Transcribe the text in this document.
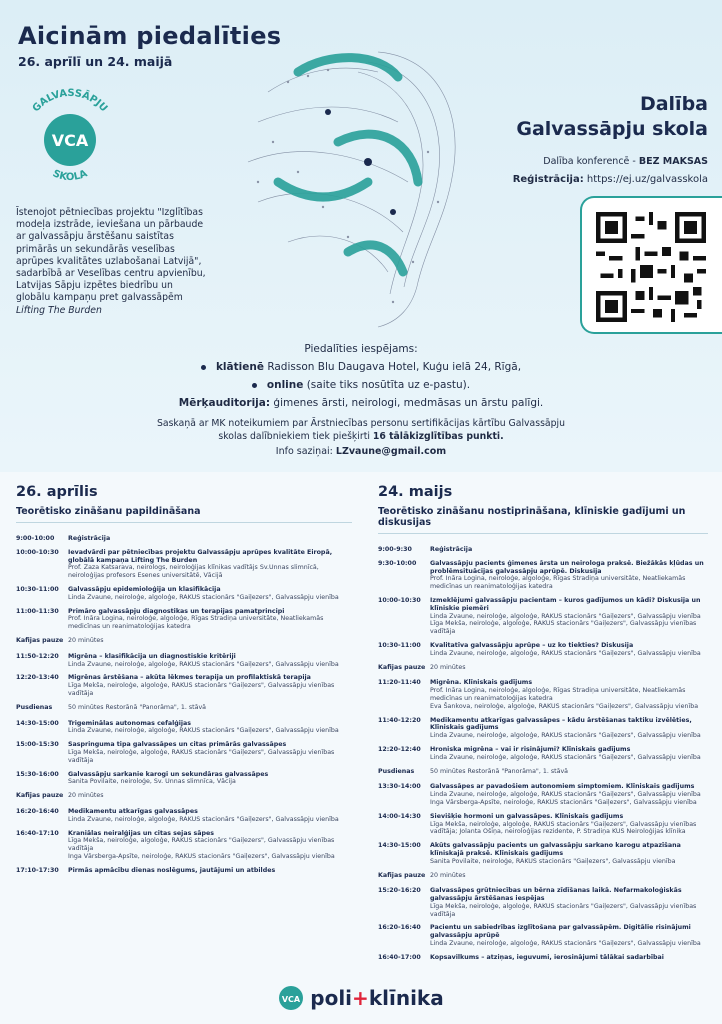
Aicinām piedalīties
26. aprīlī un 24. maijā
GALVASSĀPJU
VCA
SKOLA
Īstenojot pētniecības projektu "Izglītības modeļa izstrāde, ieviešana un pārbaude ar galvassāpju ārstēšanu saistītas primārās un sekundārās veselības aprūpes kvalitātes uzlabošanai Latvijā", sadarbībā ar Veselības centru apvienību, Latvijas Sāpju izpētes biedrību un globālu kampaņu pret galvassāpēm Lifting The Burden
Dalība
Galvassāpju skola
Dalība konferencē - BEZ MAKSAS
Reģistrācija: https://ej.uz/galvasskola
Piedalīties iespējams:
klātienē Radisson Blu Daugava Hotel, Kuģu ielā 24, Rīgā,
online (saite tiks nosūtīta uz e-pastu).
Mērķauditorija: ģimenes ārsti, neirologi, medmāsas un ārstu palīgi.
Saskaņā ar MK noteikumiem par Ārstniecības personu sertifikācijas kārtību Galvassāpju skolas dalībniekiem tiek piešķirti 16 tālākizglītības punkti.
Info saziņai: LZvaune@gmail.com
26. aprīlis
Teorētisko zināšanu papildināšana
9:00-10:00	Reģistrācija
10:00-10:30	Ievadvārdi par pētniecības projektu Galvassāpju aprūpes kvalitāte Eiropā, globālā kampaņa Lifting The Burden
Prof. Zaza Katsarava, neirologs, neiroloģijas klīnikas vadītājs Sv.Unnas slimnīcā, neiroloģijas profesors Esenes universitātē, Vācijā
10:30-11:00	Galvassāpju epidemioloģija un klasifikācija
Linda Zvaune, neiroloģe, algoloģe, RAKUS stacionārs "Gaiļezers", Galvassāpju vienība
11:00-11:30	Primāro galvassāpju diagnostikas un terapijas pamatprincipi
Prof. Ināra Logina, neiroloģe, algoloģe, Rīgas Stradiņa universitāte, Neatliekamās medicīnas un reanimatoloģijas katedra
Kafijas pauze 20 minūtes
11:50-12:20	Migrēna – klasifikācija un diagnostiskie kritēriji
Linda Zvaune, neiroloģe, algoloģe, RAKUS stacionārs "Gaiļezers", Galvassāpju vienība
12:20-13:40	Migrēnas ārstēšana – akūta lēkmes terapija un profilaktiskā terapija
Līga Mekša, neiroloģe, algoloģe, RAKUS stacionārs "Gaiļezers", Galvassāpju vienības vadītāja
Pusdienas	50 minūtes Restorānā "Panorāma", 1. stāvā
14:30-15:00	Trigeminālas autonomas cefalģijas
Linda Zvaune, neiroloģe, algoloģe, RAKUS stacionārs "Gaiļezers", Galvassāpju vienība
15:00-15:30	Saspringuma tipa galvassāpes un citas primārās galvassāpes
Līga Mekša, neiroloģe, algoloģe, RAKUS stacionārs "Gaiļezers", Galvassāpju vienības vadītāja
15:30-16:00	Galvassāpju sarkanie karogi un sekundāras galvassāpes
Sanita Povilaite, neiroloģe, Sv. Unnas slimnīca, Vācija
Kafijas pauze 20 minūtes
16:20-16:40	Medikamentu atkarīgas galvassāpes
Linda Zvaune, neiroloģe, algoloģe, RAKUS stacionārs "Gaiļezers", Galvassāpju vienība
16:40-17:10	Kraniālas neiralģijas un citas sejas sāpes
Līga Mekša, neiroloģe, algoloģe, RAKUS stacionārs "Gaiļezers", Galvassāpju vienības vadītāja
Inga Vārsberga-Apsīte, neiroloģe, RAKUS stacionārs "Gaiļezers", Galvassāpju vienība
17:10-17:30	Pirmās apmācību dienas noslēgums, jautājumi un atbildes
24. maijs
Teorētisko zināšanu nostiprināšana, klīniskie gadījumi un diskusijas
9:00-9:30	Reģistrācija
9:30-10:00	Galvassāpju pacients ģimenes ārsta un neirologa praksē. Biežākās kļūdas un problēmsituācijas galvassāpju aprūpē. Diskusija
Prof. Ināra Logina, neiroloģe, algoloģe, Rīgas Stradiņa universitāte, Neatliekamās medicīnas un reanimatoloģijas katedra
10:00-10:30	Izmeklējumi galvassāpju pacientam – kuros gadījumos un kādi? Diskusija un klīniskie piemēri
Linda Zvaune, neiroloģe, algoloģe, RAKUS stacionārs "Gaiļezers", Galvassāpju vienība
Līga Mekša, neiroloģe, algoloģe, RAKUS stacionārs "Gaiļezers", Galvassāpju vienības vadītāja
10:30-11:00	Kvalitatīva galvassāpju aprūpe – uz ko tiekties? Diskusija
Linda Zvaune, neiroloģe, algoloģe, RAKUS stacionārs "Gaiļezers", Galvassāpju vienība
Kafijas pauze 20 minūtes
11:20-11:40	Migrēna. Klīniskais gadījums
Prof. Ināra Logina, neiroloģe, algoloģe, Rīgas Stradiņa universitāte, Neatliekamās medicīnas un reanimatoloģijas katedra
Eva Šankova, neiroloģe, algoloģe, RAKUS stacionārs "Gaiļezers", Galvassāpju vienība
11:40-12:20	Medikamentu atkarīgas galvassāpes – kādu ārstēšanas taktiku izvēlēties, Klīniskais gadījums
Linda Zvaune, neiroloģe, algoloģe, RAKUS stacionārs "Gaiļezers", Galvassāpju vienība
12:20-12:40	Hroniska migrēna – vai ir risinājumi? Klīniskais gadījums
Linda Zvaune, neiroloģe, algoloģe, RAKUS stacionārs "Gaiļezers", Galvassāpju vienība
Pusdienas	50 minūtes Restorānā "Panorāma", 1. stāvā
13:30-14:00	Galvassāpes ar pavadošiem autonomiem simptomiem. Klīniskais gadījums
Linda Zvaune, neiroloģe, algoloģe, RAKUS stacionārs "Gaiļezers", Galvassāpju vienība
Inga Vārsberga-Apsīte, neiroloģe, RAKUS stacionārs "Gaiļezers", Galvassāpju vienība
14:00-14:30	Sievišķie hormoni un galvassāpes. Klīniskais gadījums
Līga Mekša, neiroloģe, algoloģe, RAKUS stacionārs "Gaiļezers", Galvassāpju vienības vadītāja; Jolanta Ošiņa, neiroloģijas rezidente, P. Stradiņa KUS Neiroloģijas klīnika
14:30-15:00	Akūts galvassāpju pacients un galvassāpju sarkano karogu atpazīšana klīniskajā praksē. Klīniskais gadījums
Sanita Povilaite, neiroloģe, RAKUS stacionārs "Gaiļezers", Galvassāpju vienība
Kafijas pauze 20 minūtes
15:20-16:20	Galvassāpes grūtniecības un bērna zīdīšanas laikā. Nefarmakoloģiskās galvassāpju ārstēšanas iespējas
Līga Mekša, neiroloģe, algoloģe, RAKUS stacionārs "Gaiļezers", Galvassāpju vienības vadītāja
16:20-16:40	Pacientu un sabiedrības izglītošana par galvassāpēm. Digitālie risinājumi galvassāpju aprūpē
Linda Zvaune, neiroloģe, algoloģe, RAKUS stacionārs "Gaiļezers", Galvassāpju vienība
16:40-17:00	Kopsavilkums – atziņas, ieguvumi, ierosinājumi tālākai sadarbībai
VCA poli+klīnika
